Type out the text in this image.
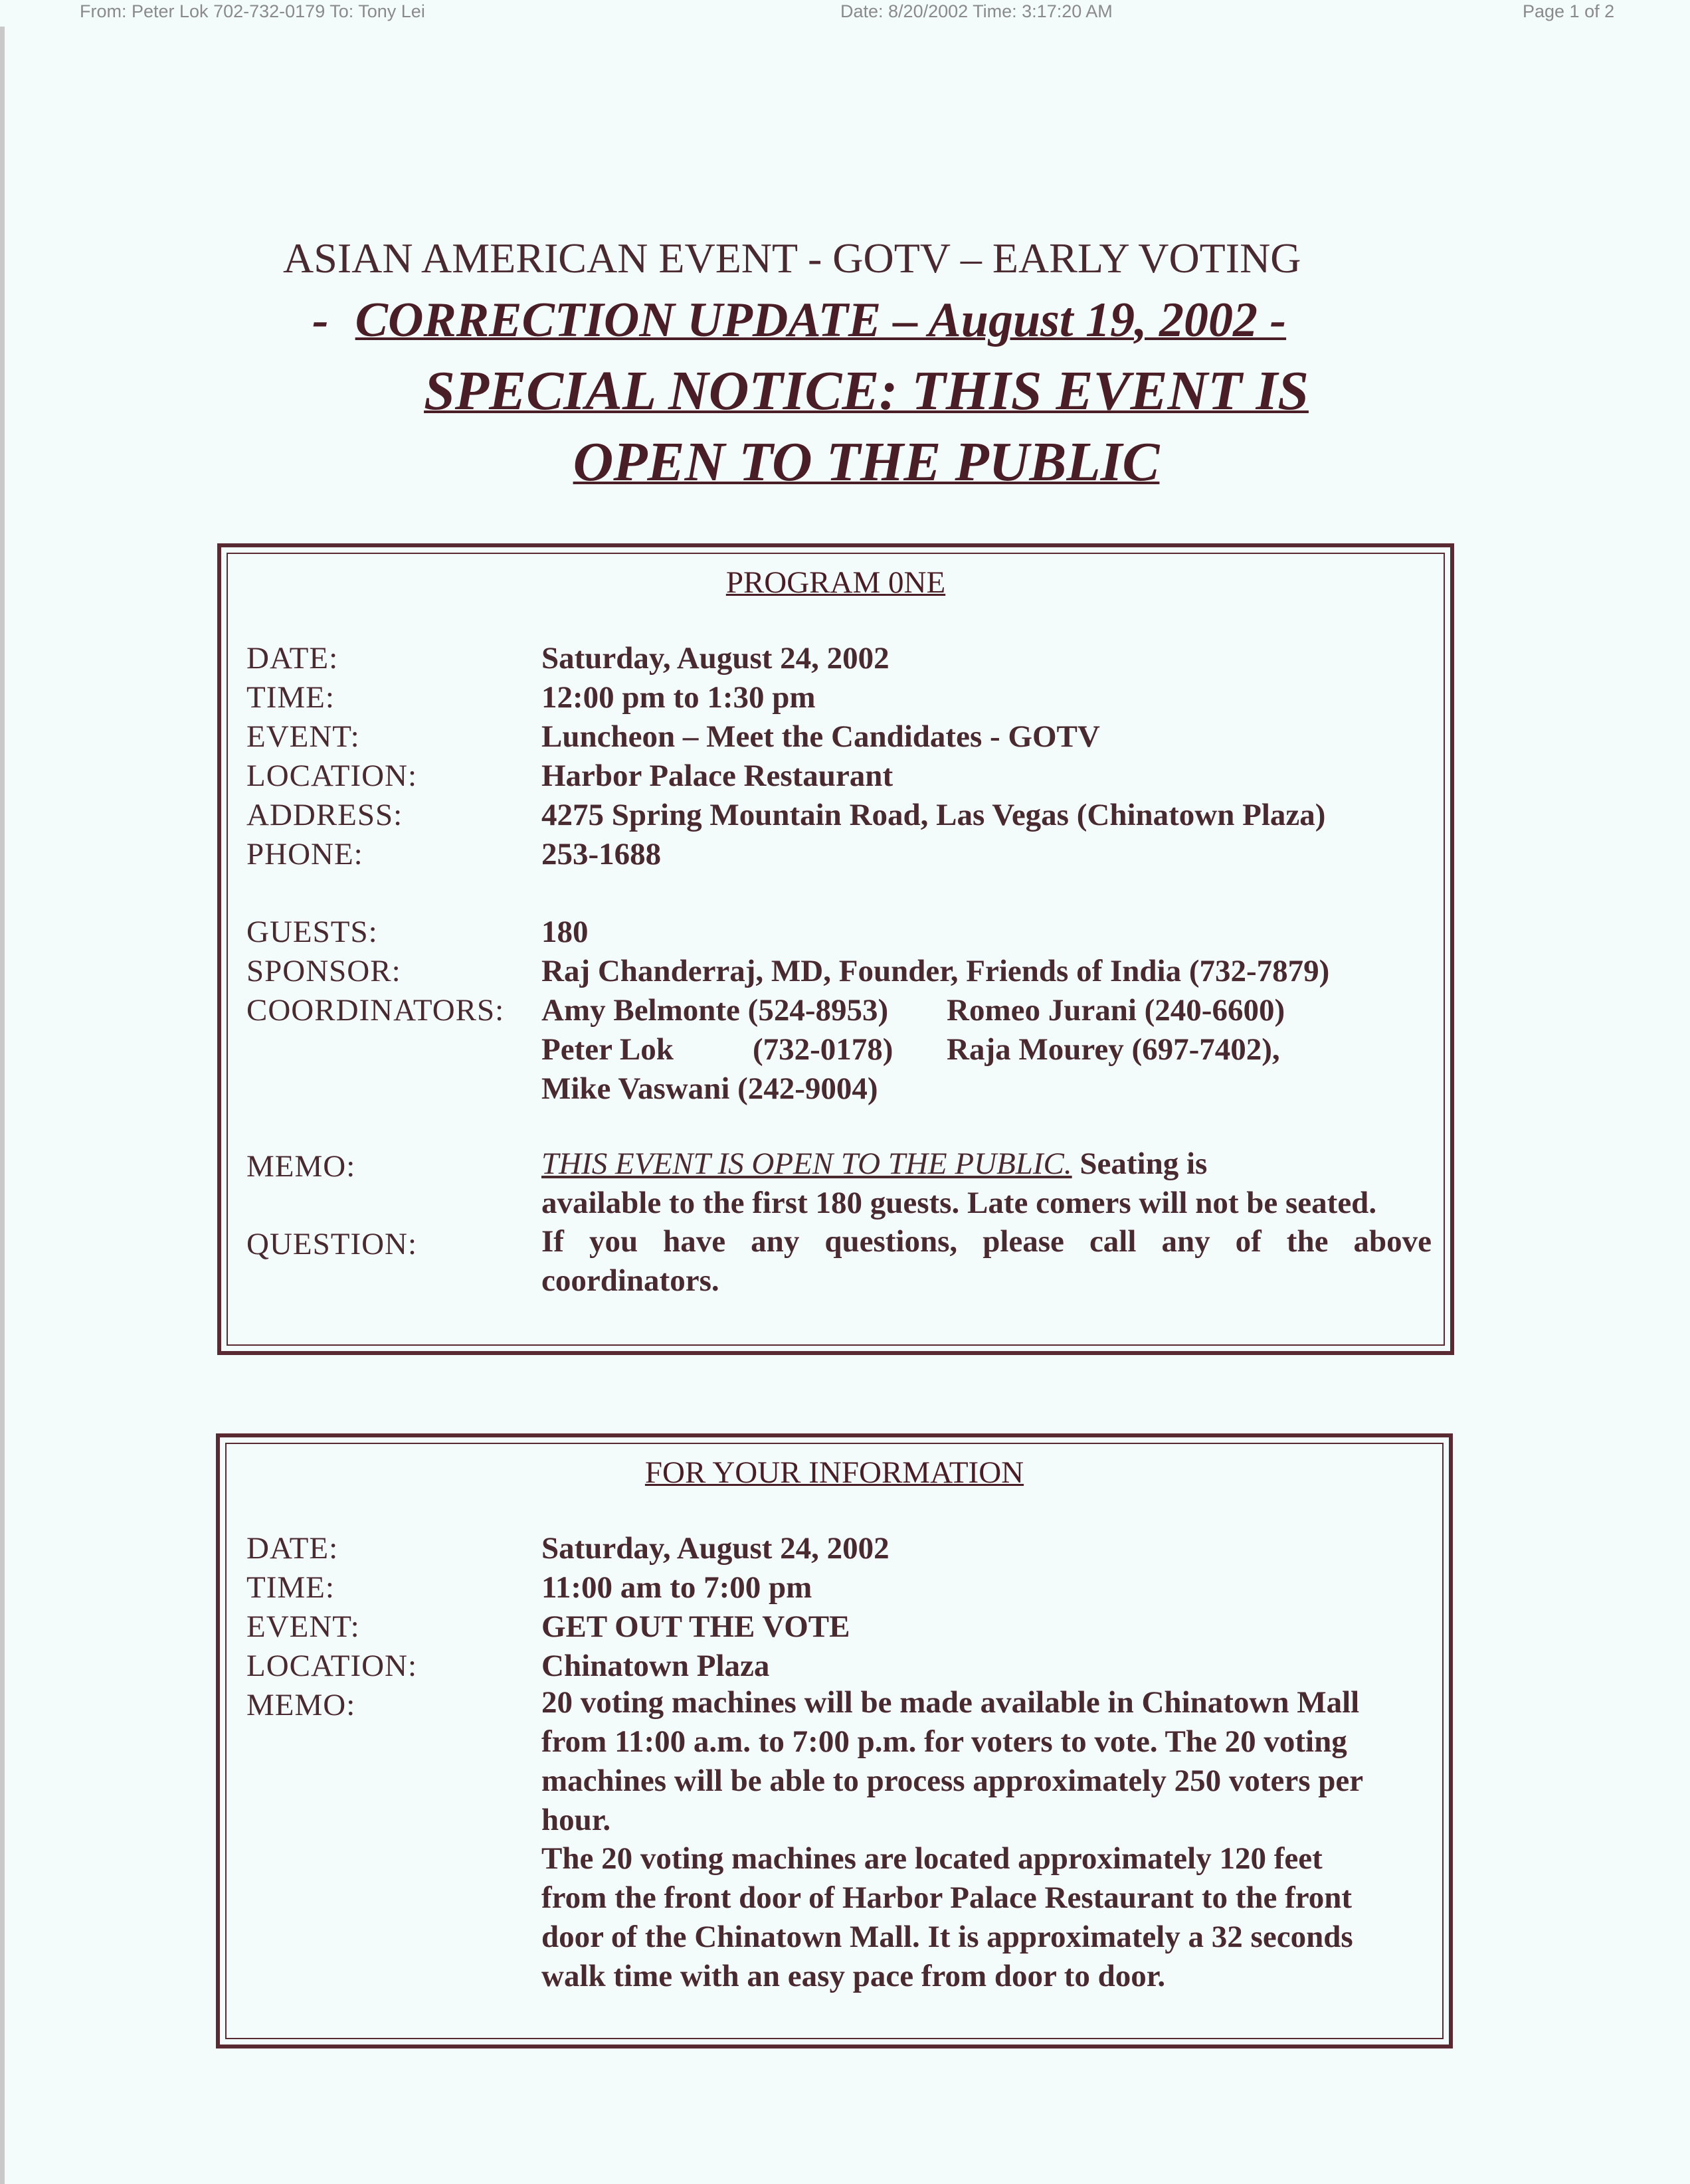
From: Peter Lok 702-732-0179 To: Tony Lei	Date: 8/20/2002 Time: 3:17:20 AM	Page 1 of 2
ASIAN AMERICAN EVENT - GOTV – EARLY VOTING
- CORRECTION UPDATE – August 19, 2002 -
SPECIAL NOTICE: THIS EVENT IS
OPEN TO THE PUBLIC
PROGRAM 0NE
DATE:	Saturday, August 24, 2002
TIME:	12:00 pm to 1:30 pm
EVENT:	Luncheon – Meet the Candidates - GOTV
LOCATION:	Harbor Palace Restaurant
ADDRESS:	4275 Spring Mountain Road, Las Vegas (Chinatown Plaza)
PHONE:	253-1688
GUESTS:	180
SPONSOR:	Raj Chanderraj, MD, Founder, Friends of India (732-7879)
COORDINATORS: Amy Belmonte (524-8953) Romeo Jurani (240-6600)
Peter Lok	(732-0178) Raja Mourey (697-7402),
Mike Vaswani (242-9004)
MEMO:	THIS EVENT IS OPEN TO THE PUBLIC. Seating is
available to the first 180 guests. Late comers will not be seated.
QUESTION:	If you have any questions, please call any of the above
coordinators.
FOR YOUR INFORMATION
DATE:	Saturday, August 24, 2002
TIME:	11:00 am to 7:00 pm
EVENT:	GET OUT THE VOTE
LOCATION:	Chinatown Plaza
MEMO:	20 voting machines will be made available in Chinatown Mall
from 11:00 a.m. to 7:00 p.m. for voters to vote. The 20 voting
machines will be able to process approximately 250 voters per
hour.
The 20 voting machines are located approximately 120 feet
from the front door of Harbor Palace Restaurant to the front
door of the Chinatown Mall. It is approximately a 32 seconds
walk time with an easy pace from door to door.
